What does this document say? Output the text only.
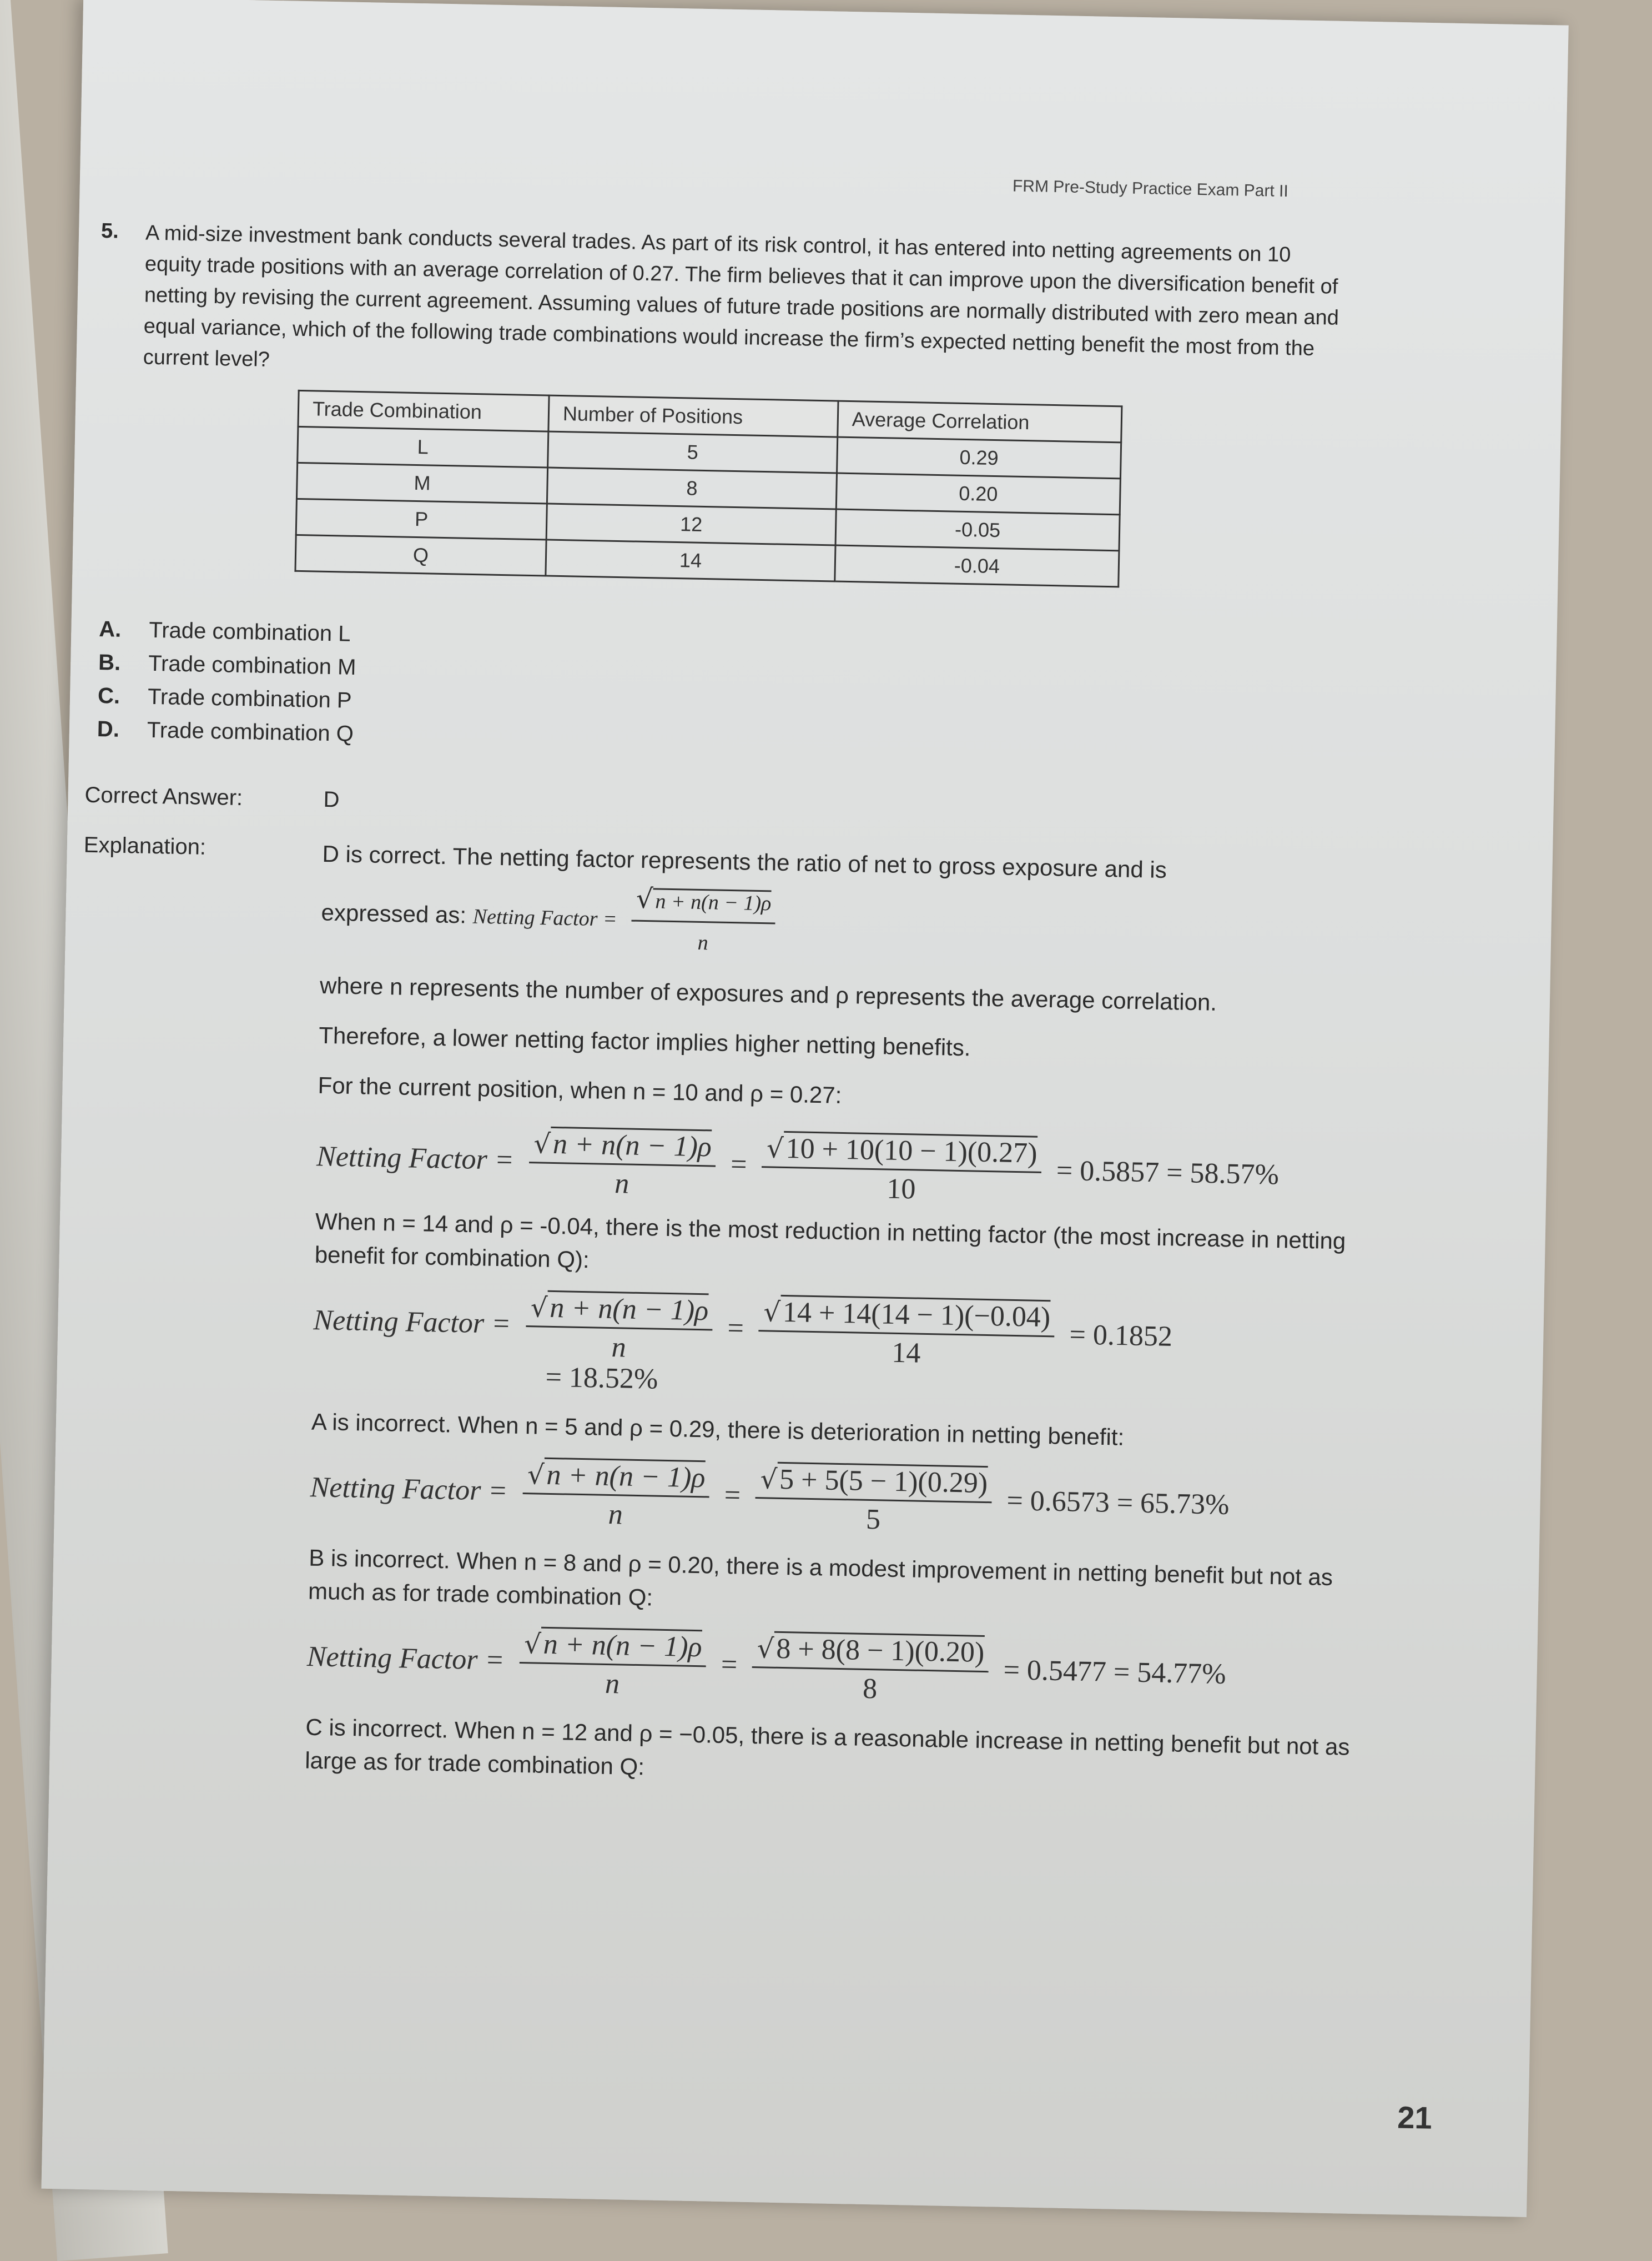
FRM Pre-Study Practice Exam Part II
5. A mid-size investment bank conducts several trades. As part of its risk control, it has entered into netting agreements on 10 equity trade positions with an average correlation of 0.27. The firm believes that it can improve upon the diversification benefit of netting by revising the current agreement. Assuming values of future trade positions are normally distributed with zero mean and equal variance, which of the following trade combinations would increase the firm’s expected netting benefit the most from the current level?
Trade Combination	Number of Positions	Average Correlation
L	5	0.29
M	8	0.20
P	12	-0.05
Q	14	-0.04
A. Trade combination L
B. Trade combination M
C. Trade combination P
D. Trade combination Q
Correct Answer:	D
Explanation:	D is correct. The netting factor represents the ratio of net to gross exposure and is
expressed as: Netting Factor = $\frac{√n + n(n - 1)\rho}{n}$
where n represents the number of exposures and ρ represents the average correlation.
Therefore, a lower netting factor implies higher netting benefits.
For the current position, when n = 10 and ρ = 0.27:
Netting Factor = $\frac{√n + n(n - 1)\rho}{n} = \frac{√10 + 10(10 - 1)(0.27)}{10} = 0.5857 = 58.57\%$
When n = 14 and ρ = -0.04, there is the most reduction in netting factor (the most increase in netting benefit for combination Q):
Netting Factor = $\frac{√n + n(n - 1)\rho}{n} = \frac{√14 + 14(14 - 1)(-0.04)}{14} = 0.1852$
= 18.52%
A is incorrect. When n = 5 and ρ = 0.29, there is deterioration in netting benefit:
Netting Factor = $\frac{√n + n(n - 1)\rho}{n} = \frac{√5 + 5(5 - 1)(0.29)}{5} = 0.6573 = 65.73\%$
B is incorrect. When n = 8 and ρ = 0.20, there is a modest improvement in netting benefit but not as much as for trade combination Q:
Netting Factor = $\frac{√n + n(n - 1)\rho}{n} = \frac{√8 + 8(8 - 1)(0.20)}{8} = 0.5477 = 54.77\%$
C is incorrect. When n = 12 and ρ = −0.05, there is a reasonable increase in netting benefit but not as large as for trade combination Q:
21
